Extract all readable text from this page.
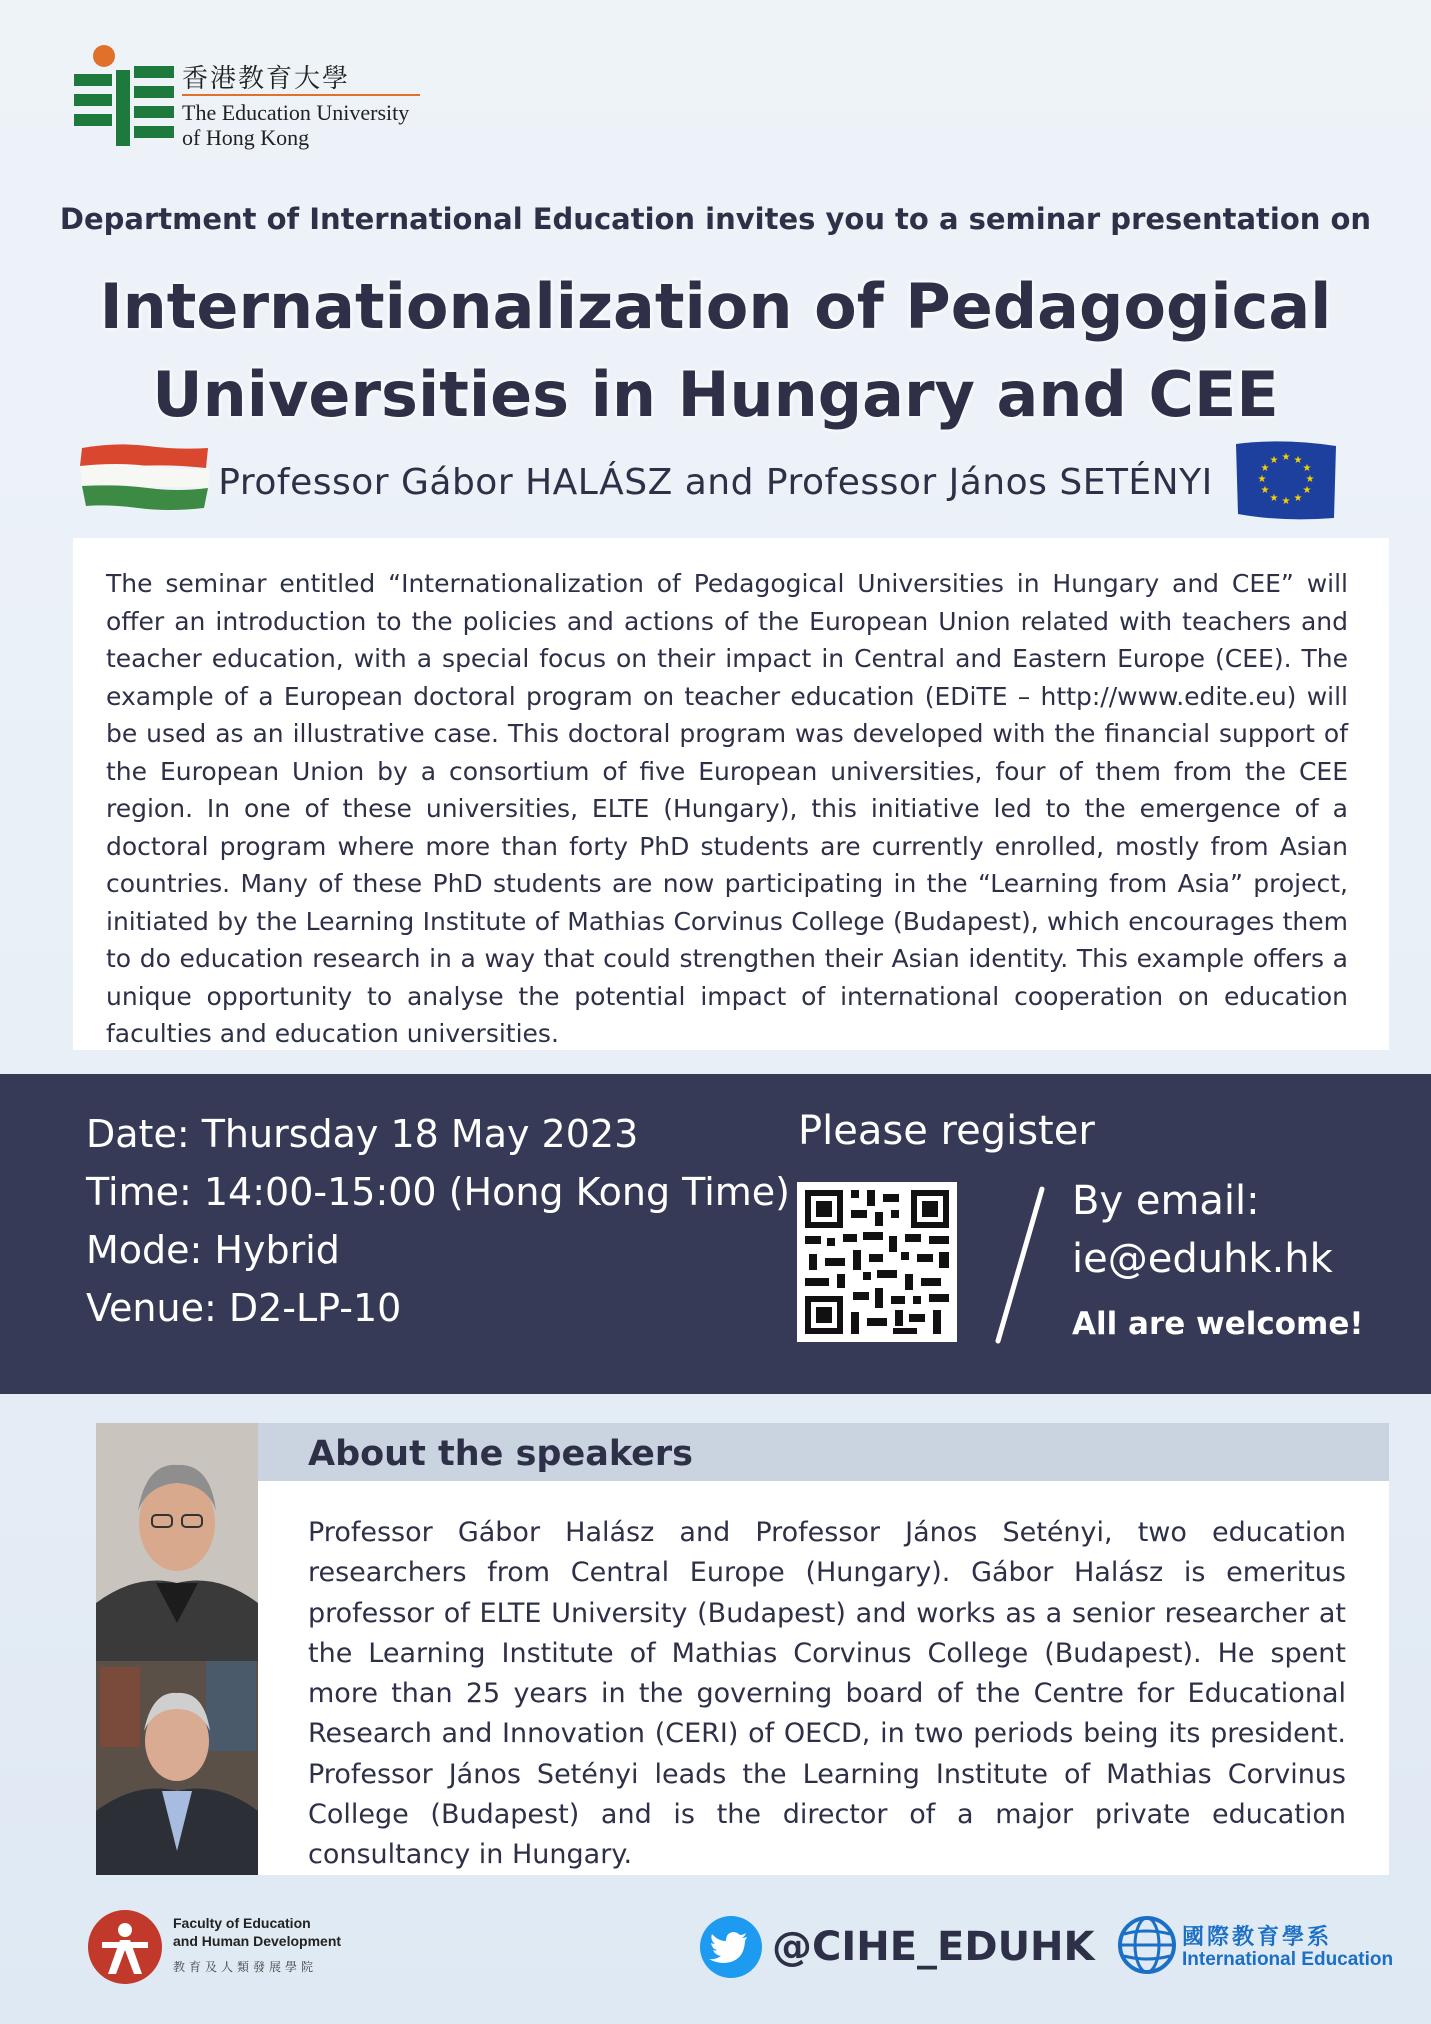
香港教育大學
The Education University
of Hong Kong
Department of International Education invites you to a seminar presentation on
Internationalization of Pedagogical
Universities in Hungary and CEE
Professor Gábor HALÁSZ and Professor János SETÉNYI
★ ★
★
★
★
★
★
★
★
★
★
★
The seminar entitled “Internationalization of Pedagogical Universities in Hungary and CEE” will offer an introduction to the policies and actions of the European Union related with teachers and teacher education, with a special focus on their impact in Central and Eastern Europe (CEE). The example of a European doctoral program on teacher education (EDiTE – http://www.edite.eu) will be used as an illustrative case. This doctoral program was developed with the financial support of the European Union by a consortium of five European universities, four of them from the CEE region. In one of these universities, ELTE (Hungary), this initiative led to the emergence of a doctoral program where more than forty PhD students are currently enrolled, mostly from Asian countries. Many of these PhD students are now participating in the “Learning from Asia” project, initiated by the Learning Institute of Mathias Corvinus College (Budapest), which encourages them to do education research in a way that could strengthen their Asian identity. This example offers a unique opportunity to analyse the potential impact of international cooperation on education faculties and education universities.
Date: Thursday 18 May 2023
Time: 14:00-15:00 (Hong Kong Time)
Mode: Hybrid
Venue: D2-LP-10
Please register
By email:
ie@eduhk.hk
All are welcome!
About the speakers
Professor Gábor Halász and Professor János Setényi, two education researchers from Central Europe (Hungary). Gábor Halász is emeritus professor of ELTE University (Budapest) and works as a senior researcher at the Learning Institute of Mathias Corvinus College (Budapest). He spent more than 25 years in the governing board of the Centre for Educational Research and Innovation (CERI) of OECD, in two periods being its president. Professor János Setényi leads the Learning Institute of Mathias Corvinus College (Budapest) and is the director of a major private education consultancy in Hungary.
Faculty of Education
and Human Development
教育及人類發展學院	@CIHE_EDUHK	國際教育學系
International Education
